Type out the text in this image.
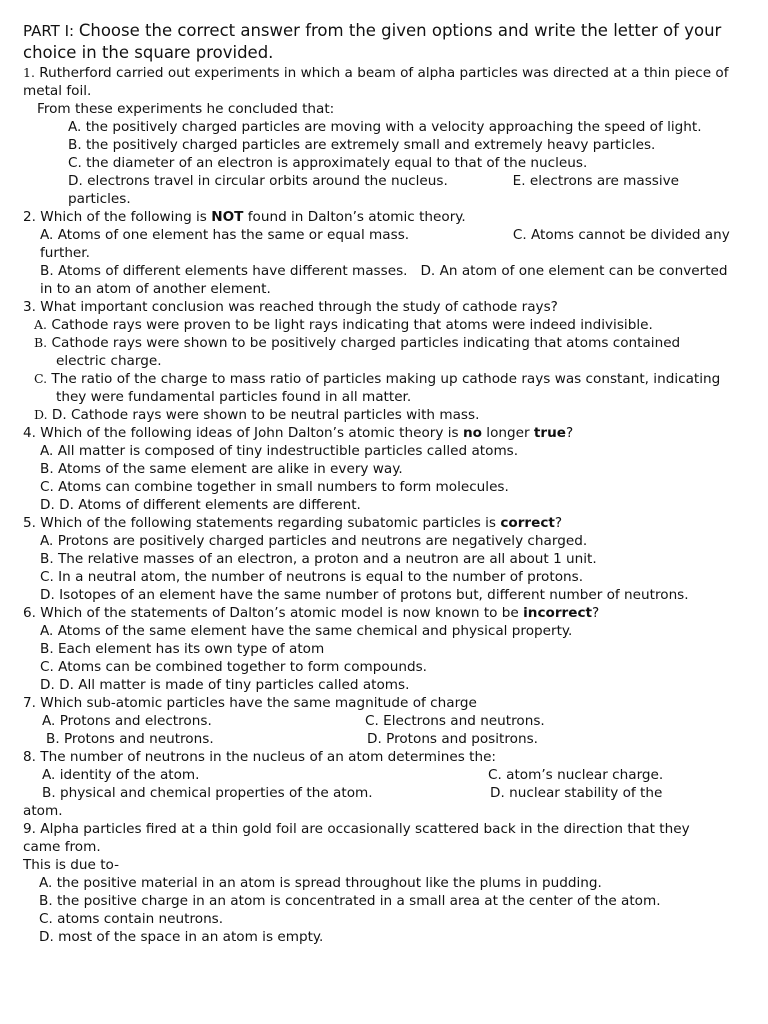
PART I: Choose the correct answer from the given options and write the letter of your choice in the square provided.
1. Rutherford carried out experiments in which a beam of alpha particles was directed at a thin piece of metal foil.
From these experiments he concluded that:
A. the positively charged particles are moving with a velocity approaching the speed of light.
B. the positively charged particles are extremely small and extremely heavy particles.
C. the diameter of an electron is approximately equal to that of the nucleus.
D. electrons travel in circular orbits around the nucleus.	E. electrons are massive particles.
2. Which of the following is NOT found in Dalton’s atomic theory.
A. Atoms of one element has the same or equal mass.	C. Atoms cannot be divided any further.
B. Atoms of different elements have different masses. D. An atom of one element can be converted in to an atom of another element.
3. What important conclusion was reached through the study of cathode rays?
A. Cathode rays were proven to be light rays indicating that atoms were indeed indivisible.
B. Cathode rays were shown to be positively charged particles indicating that atoms contained electric charge.
C. The ratio of the charge to mass ratio of particles making up cathode rays was constant, indicating they were fundamental particles found in all matter.
D. D. Cathode rays were shown to be neutral particles with mass.
4. Which of the following ideas of John Dalton’s atomic theory is no longer true?
A. All matter is composed of tiny indestructible particles called atoms.
B. Atoms of the same element are alike in every way.
C. Atoms can combine together in small numbers to form molecules.
D. D. Atoms of different elements are different.
5. Which of the following statements regarding subatomic particles is correct?
A. Protons are positively charged particles and neutrons are negatively charged.
B. The relative masses of an electron, a proton and a neutron are all about 1 unit.
C. In a neutral atom, the number of neutrons is equal to the number of protons.
D. Isotopes of an element have the same number of protons but, different number of neutrons.
6. Which of the statements of Dalton’s atomic model is now known to be incorrect?
A. Atoms of the same element have the same chemical and physical property.
B. Each element has its own type of atom
C. Atoms can be combined together to form compounds.
D. D. All matter is made of tiny particles called atoms.
7. Which sub-atomic particles have the same magnitude of charge
A. Protons and electrons.	C. Electrons and neutrons.
B. Protons and neutrons.	D. Protons and positrons.
8. The number of neutrons in the nucleus of an atom determines the:
A. identity of the atom.	C. atom’s nuclear charge.
B. physical and chemical properties of the atom.	D. nuclear stability of the
atom.
9. Alpha particles fired at a thin gold foil are occasionally scattered back in the direction that they came from.
This is due to-
A. the positive material in an atom is spread throughout like the plums in pudding.
B. the positive charge in an atom is concentrated in a small area at the center of the atom.
C. atoms contain neutrons.
D. most of the space in an atom is empty.
